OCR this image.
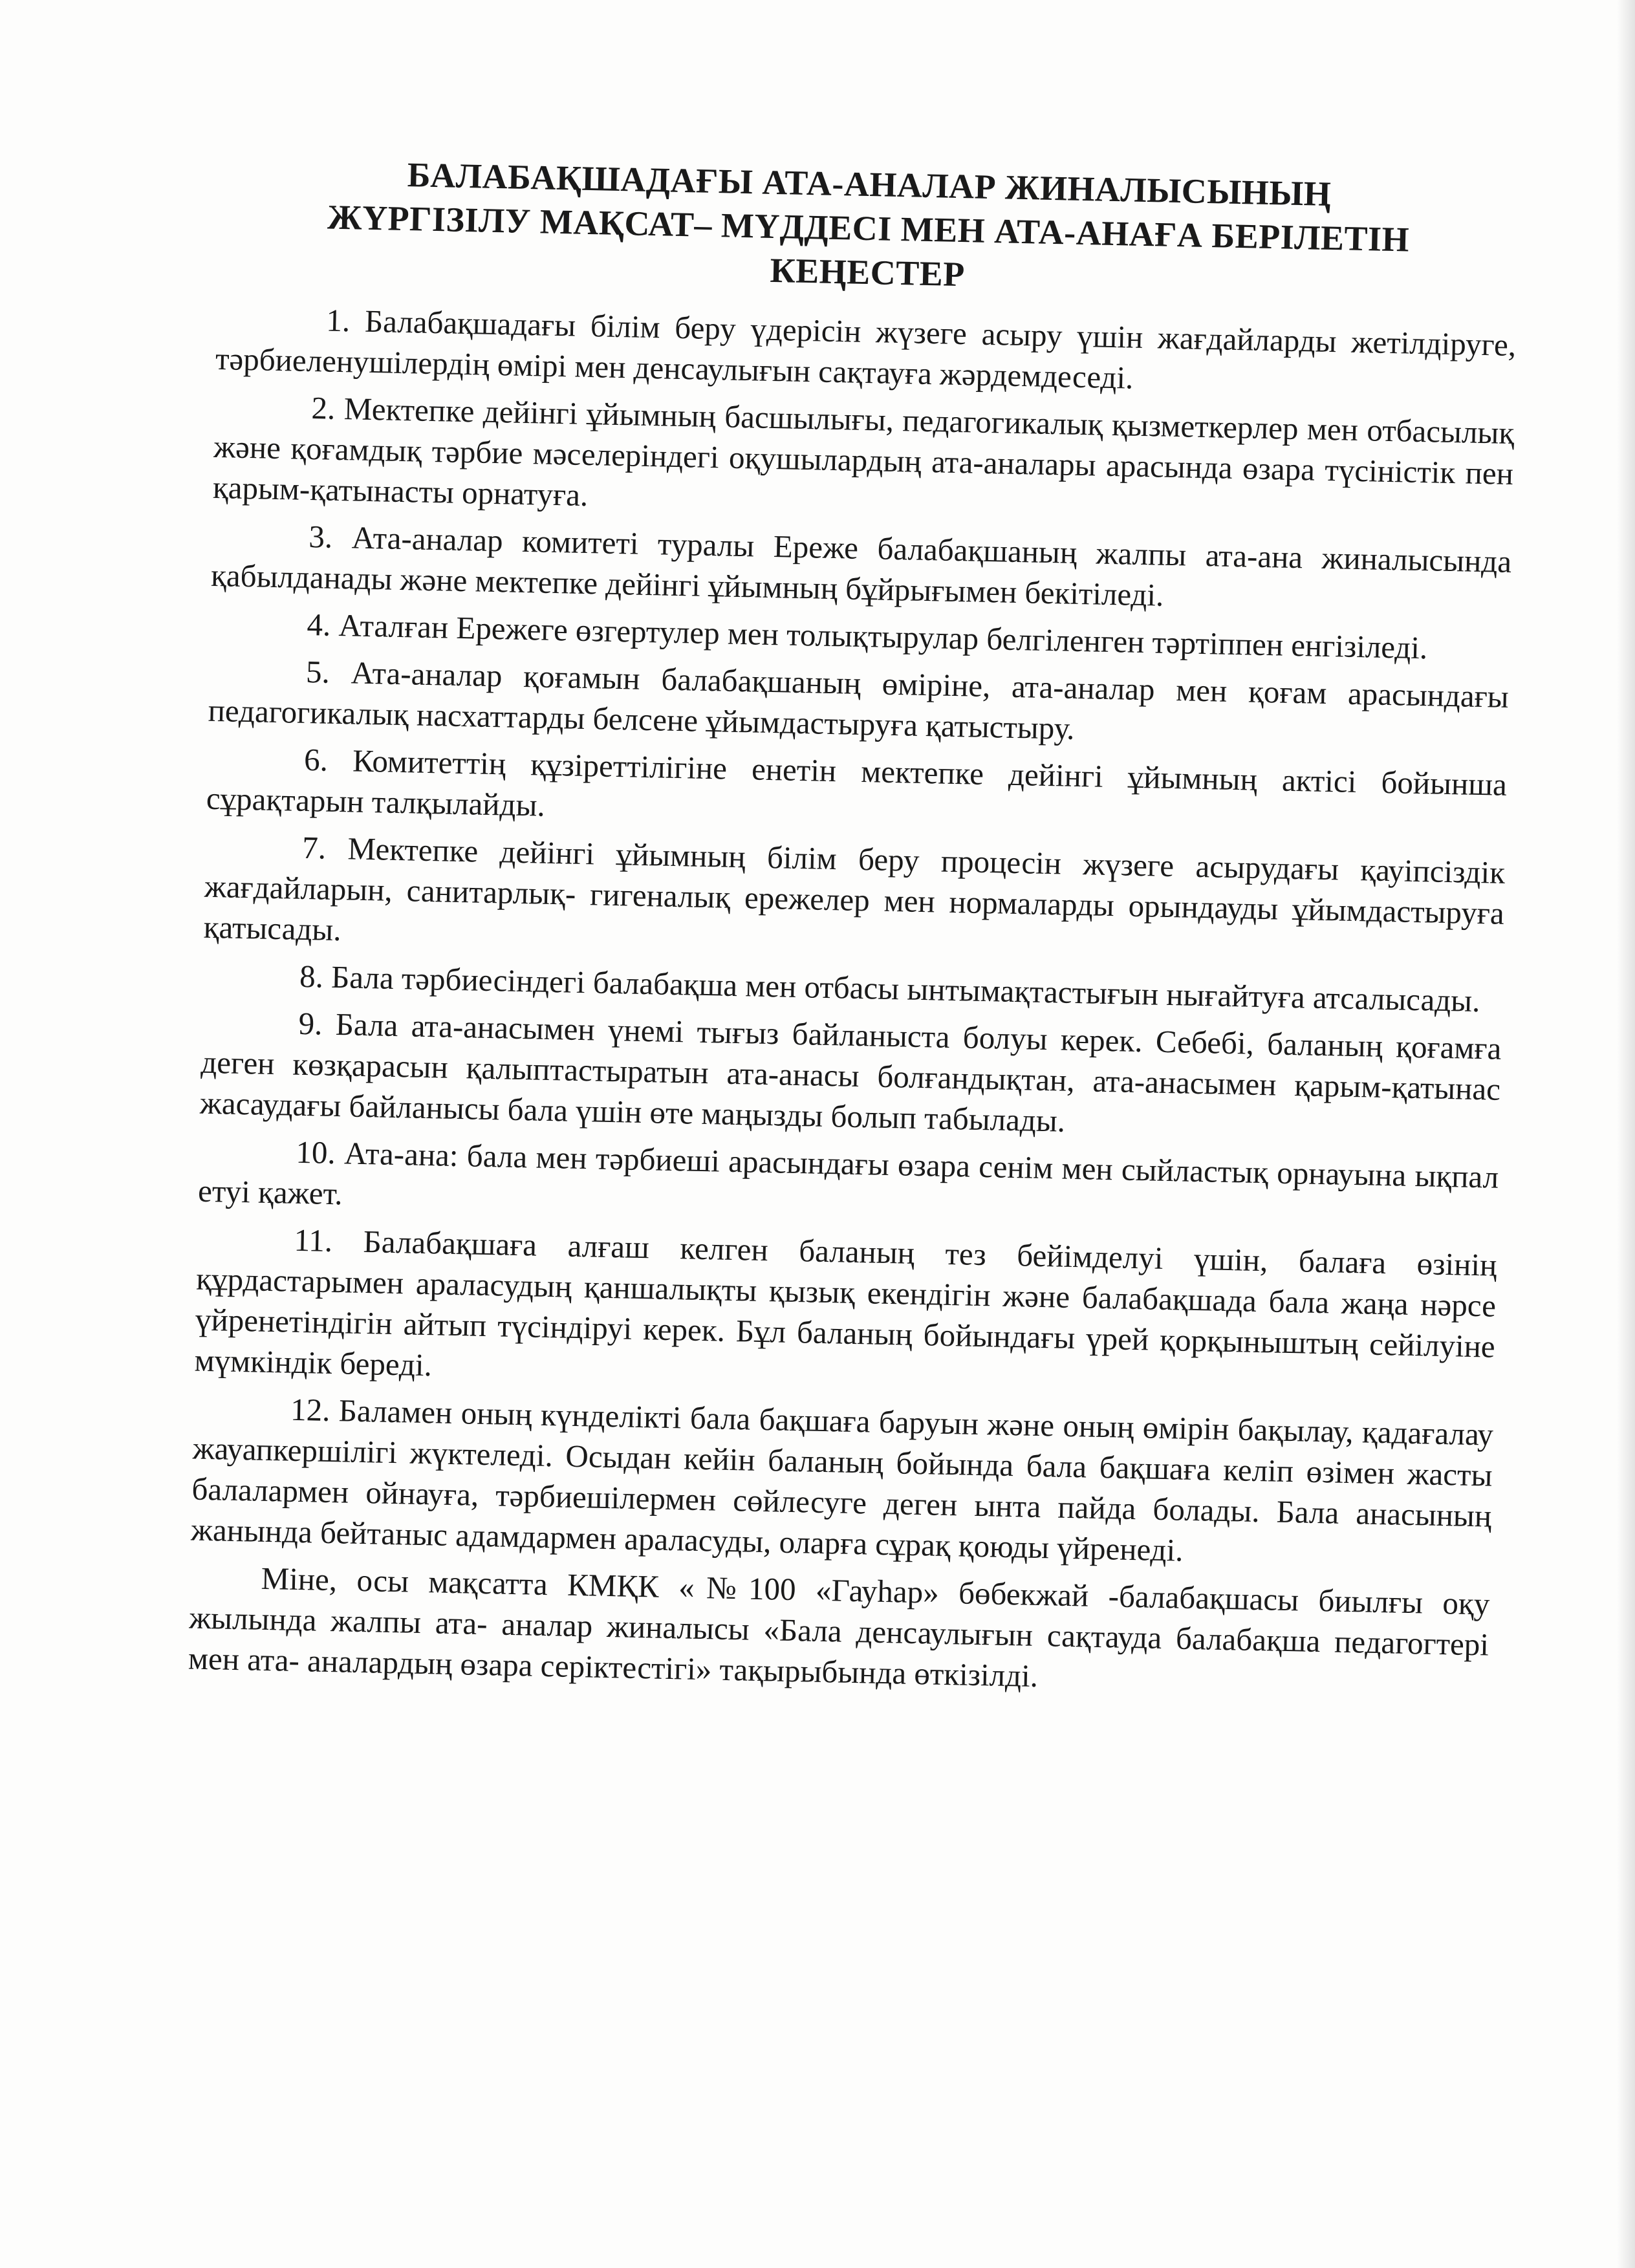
БАЛАБАҚШАДАҒЫ АТА-АНАЛАР ЖИНАЛЫСЫНЫҢ
ЖҮРГІЗІЛУ МАҚСАТ– МҮДДЕСІ МЕН АТА-АНАҒА БЕРІЛЕТІН
КЕҢЕСТЕР

1. Балабақшадағы білім беру үдерісін жүзеге асыру үшін жағдайларды жетілдіруге, тәрбиеленушілердің өмірі мен денсаулығын сақтауға жәрдемдеседі.

2. Мектепке дейінгі ұйымның басшылығы, педагогикалық қызметкерлер мен отбасылық және қоғамдық тәрбие мәселеріндегі оқушылардың ата-аналары арасында өзара түсіністік пен қарым-қатынасты орнатуға.

3. Ата-аналар комитеті туралы Ереже балабақшаның жалпы ата-ана жиналысында қабылданады және мектепке дейінгі ұйымның бұйрығымен бекітіледі.

4. Аталған Ережеге өзгертулер мен толықтырулар белгіленген тәртіппен енгізіледі.

5. Ата-аналар қоғамын балабақшаның өміріне, ата-аналар мен қоғам арасындағы педагогикалық насхаттарды белсене ұйымдастыруға қатыстыру.

6. Комитеттің құзіреттілігіне енетін мектепке дейінгі ұйымның актісі бойынша сұрақтарын талқылайды.

7. Мектепке дейінгі ұйымның білім беру процесін жүзеге асырудағы қауіпсіздік жағдайларын, санитарлық- гигеналық ережелер мен нормаларды орындауды ұйымдастыруға қатысады.

8. Бала тәрбиесіндегі балабақша мен отбасы ынтымақтастығын нығайтуға атсалысады.

9. Бала ата-анасымен үнемі тығыз байланыста болуы керек. Себебі, баланың қоғамға деген көзқарасын қалыптастыратын ата-анасы болғандықтан, ата-анасымен қарым-қатынас жасаудағы байланысы бала үшін өте маңызды болып табылады.

10. Ата-ана: бала мен тәрбиеші арасындағы өзара сенім мен сыйластық орнауына ықпал етуі қажет.

11. Балабақшаға алғаш келген баланың тез бейімделуі үшін, балаға өзінің құрдастарымен араласудың қаншалықты қызық екендігін және балабақшада бала жаңа нәрсе үйренетіндігін айтып түсіндіруі керек. Бұл баланың бойындағы үрей қорқыныштың сейілуіне мүмкіндік береді.

12. Баламен оның күнделікті бала бақшаға баруын және оның өмірін бақылау, қадағалау жауапкершілігі жүктеледі. Осыдан кейін баланың бойында бала бақшаға келіп өзімен жасты балалармен ойнауға, тәрбиешілермен сөйлесуге деген ынта пайда болады. Бала анасының жанында бейтаныс адамдармен араласуды, оларға сұрақ қоюды үйренеді.

Міне, осы мақсатта КМҚК «№100 «Гауһар» бөбекжай -балабақшасы биылғы оқу жылында жалпы ата- аналар жиналысы «Бала денсаулығын сақтауда балабақша педагогтері мен ата- аналардың өзара серіктестігі» тақырыбында өткізілді.
